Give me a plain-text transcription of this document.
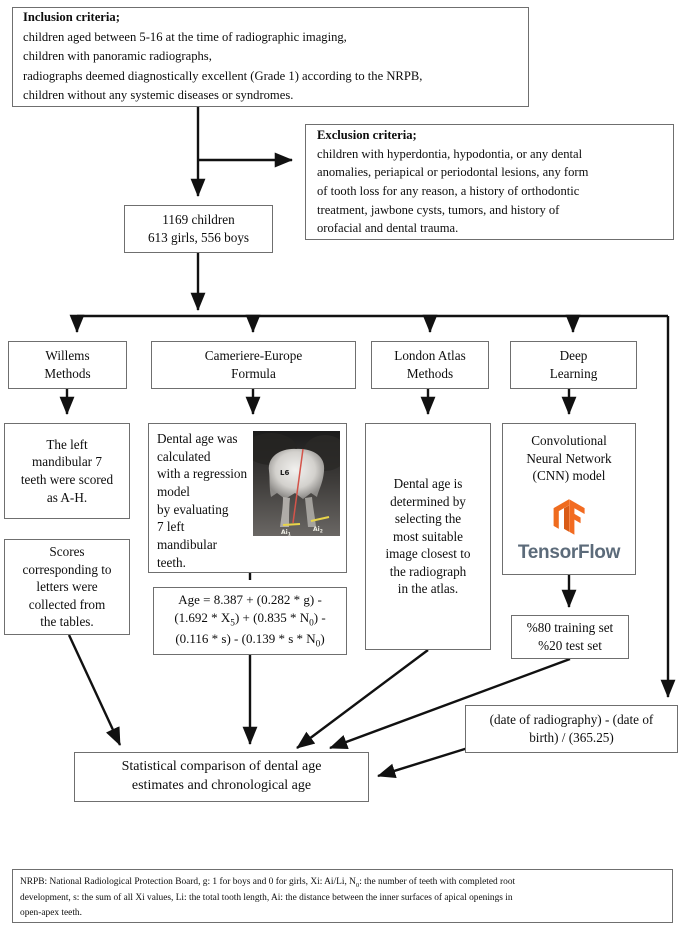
Inclusion criteria;
children aged between 5-16 at the time of radiographic imaging,
children with panoramic radiographs,
radiographs deemed diagnostically excellent (Grade 1) according to the NRPB,
children without any systemic diseases or syndromes.
Exclusion criteria;
children with hyperdontia, hypodontia, or any dental
anomalies, periapical or periodontal lesions, any form
of tooth loss for any reason, a history of orthodontic
treatment, jawbone cysts, tumors, and history of
orofacial and dental trauma.
1169 children
613 girls, 556 boys
Willems
Methods
Cameriere-Europe
Formula
London Atlas
Methods
Deep
Learning
The left
mandibular 7
teeth were scored
as A-H.
Scores
corresponding to
letters were
collected from
the tables.
L6
$Ai_1$
$Ai_2$
Dental age was calculated
with a regression model
by evaluating
7 left
mandibular
teeth.
Age = 8.387 + (0.282 * g) -
$(1.692 * X_5) + (0.835 * N_0)$ -
(0.116 * s) - (0.139 * s * $N_0$)
Dental age is
determined by
selecting the
most suitable
image closest to
the radiograph
in the atlas.
Convolutional
Neural Network
(CNN) model
TensorFlow
%80 training set
%20 test set
(date of radiography) - (date of
birth) / (365.25)
Statistical comparison of dental age
estimates and chronological age
NRPB: National Radiological Protection Board, g: 1 for boys and 0 for girls, Xi: Ai/Li, $N_0$: the number of teeth with completed root
development, s: the sum of all Xi values, Li: the total tooth length, Ai: the distance between the inner surfaces of apical openings in
open-apex teeth.
